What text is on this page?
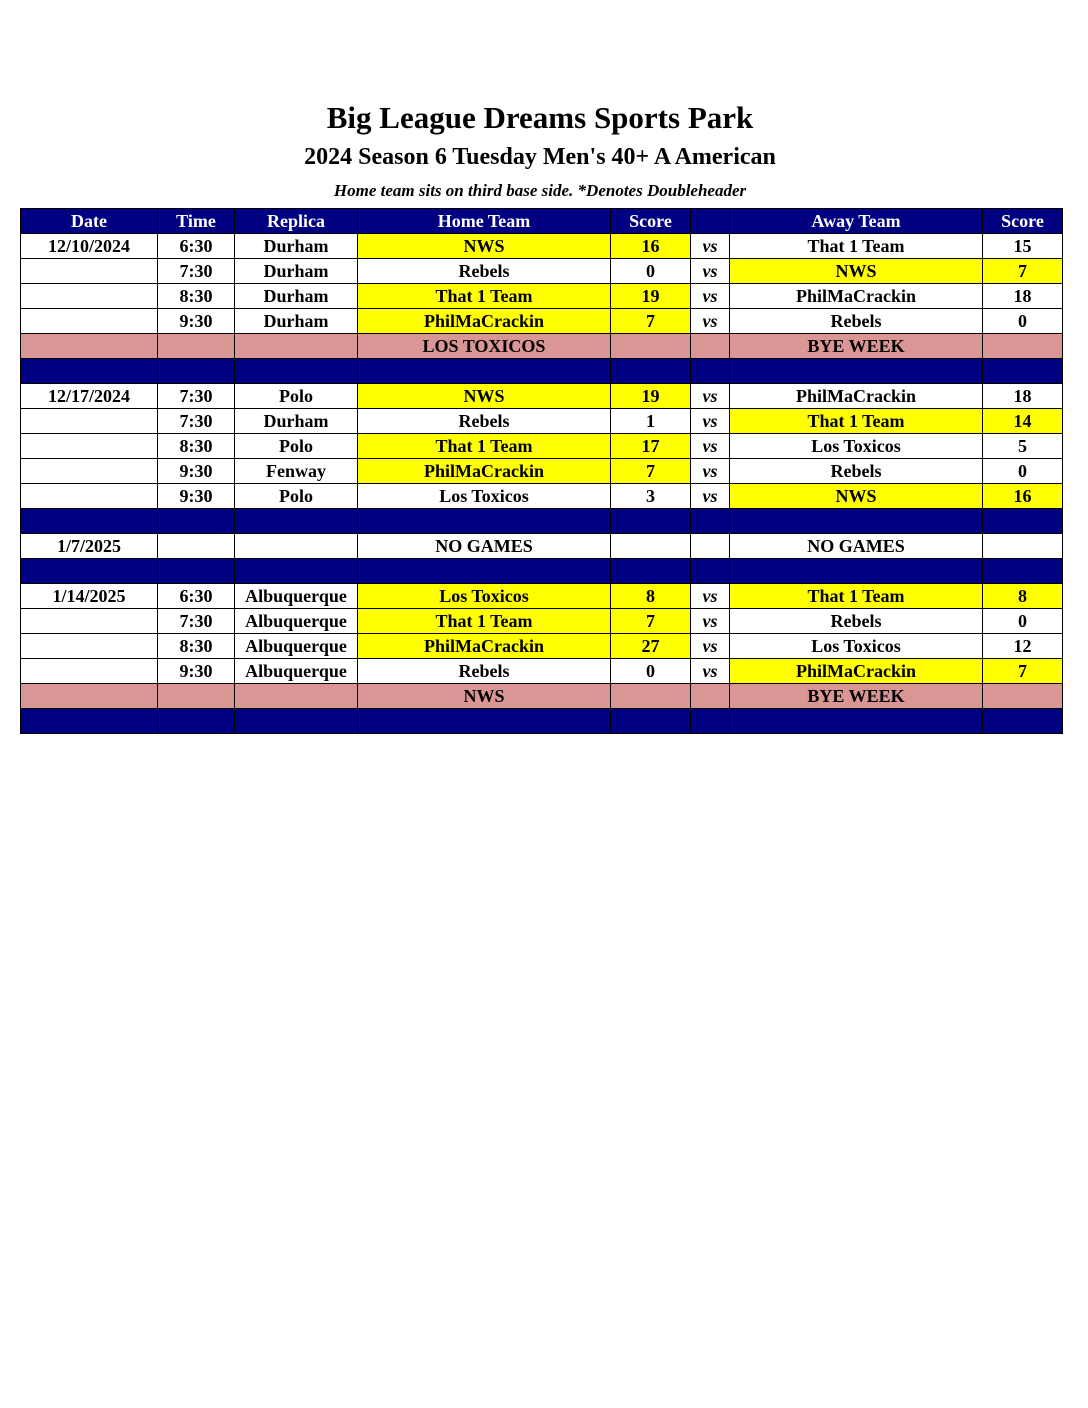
Big League Dreams Sports Park
2024 Season 6 Tuesday Men's 40+ A American
Home team sits on third base side. *Denotes Doubleheader
Date	Time	Replica	Home Team	Score		Away Team	Score
12/10/2024	6:30	Durham	NWS	16	vs	That 1 Team	15
	7:30	Durham	Rebels	0	vs	NWS	7
	8:30	Durham	That 1 Team	19	vs	PhilMaCrackin	18
	9:30	Durham	PhilMaCrackin	7	vs	Rebels	0
			LOS TOXICOS			BYE WEEK	

12/17/2024	7:30	Polo	NWS	19	vs	PhilMaCrackin	18
	7:30	Durham	Rebels	1	vs	That 1 Team	14
	8:30	Polo	That 1 Team	17	vs	Los Toxicos	5
	9:30	Fenway	PhilMaCrackin	7	vs	Rebels	0
	9:30	Polo	Los Toxicos	3	vs	NWS	16

1/7/2025			NO GAMES			NO GAMES	

1/14/2025	6:30	Albuquerque	Los Toxicos	8	vs	That 1 Team	8
	7:30	Albuquerque	That 1 Team	7	vs	Rebels	0
	8:30	Albuquerque	PhilMaCrackin	27	vs	Los Toxicos	12
	9:30	Albuquerque	Rebels	0	vs	PhilMaCrackin	7
			NWS			BYE WEEK	
